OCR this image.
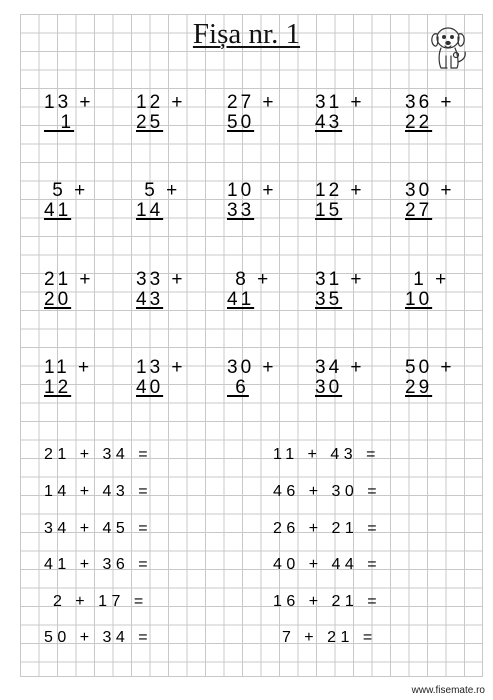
Fișa nr. 1
13 +
1
12 +
25
27 +
50
31 +
43
36 +
22
5 +
41
5 +
14
10 +
33
12 +
15
30 +
27
21 +
20
33 +
43
8 +
41
31 +
35
1 +
10
11 +
12
13 +
40
30 +
6
34 +
30
50 +
29
21 + 34 =
14 + 43 =
34 + 45 =
41 + 36 =
2 + 17 =
50 + 34 =
11 + 43 =
46 + 30 =
26 + 21 =
40 + 44 =
16 + 21 =
7 + 21 =
www.fisemate.ro
